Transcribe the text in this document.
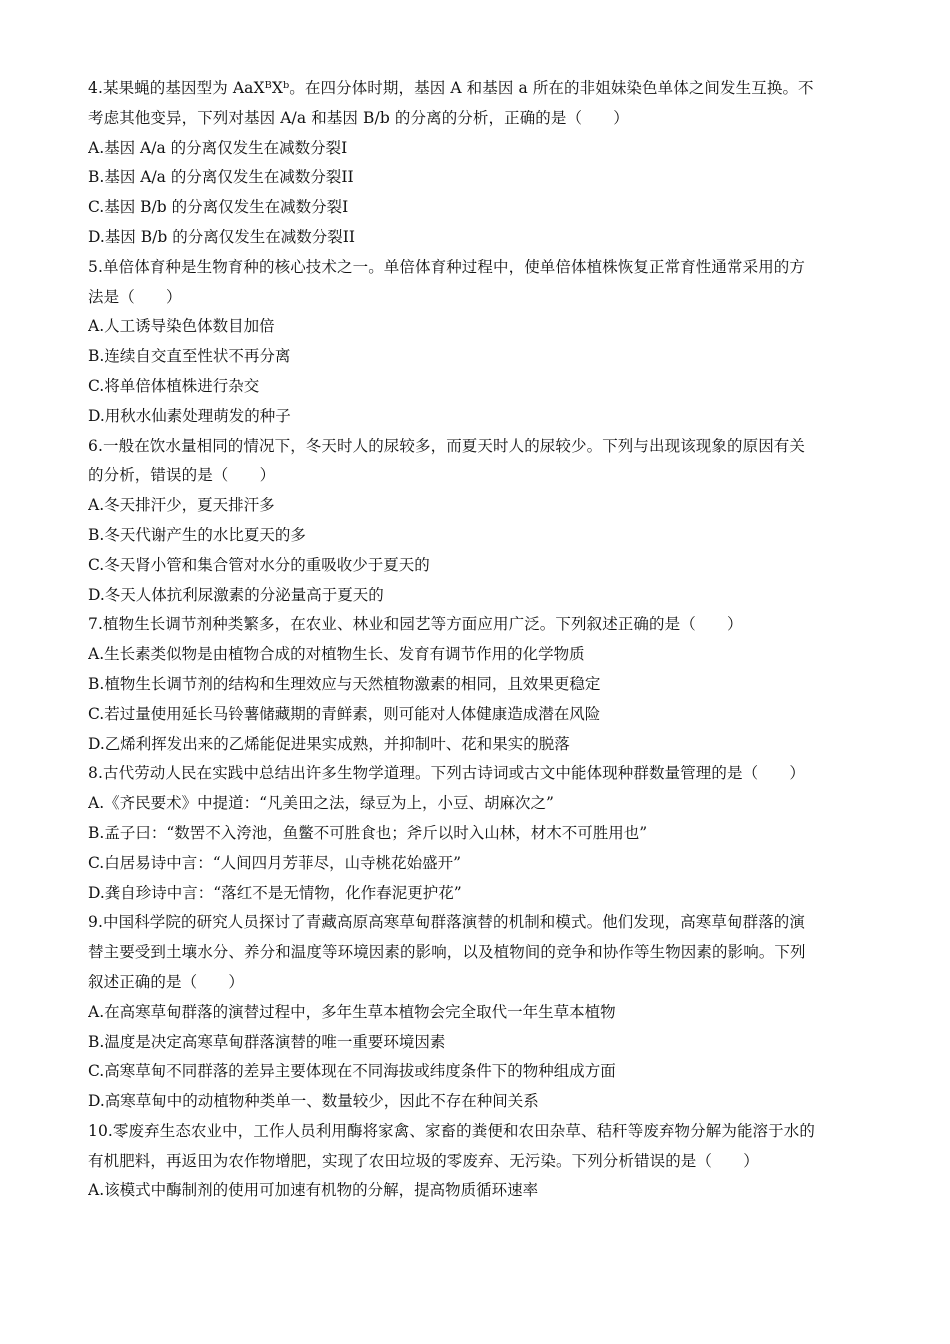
4.某果蝇的基因型为 AaXᴮXᵇ。在四分体时期，基因 A 和基因 a 所在的非姐妹染色单体之间发生互换。不
考虑其他变异，下列对基因 A/a 和基因 B/b 的分离的分析，正确的是（　　）
A.基因 A/a 的分离仅发生在减数分裂I
B.基因 A/a 的分离仅发生在减数分裂II
C.基因 B/b 的分离仅发生在减数分裂I
D.基因 B/b 的分离仅发生在减数分裂II
5.单倍体育种是生物育种的核心技术之一。单倍体育种过程中，使单倍体植株恢复正常育性通常采用的方
法是（　　）
A.人工诱导染色体数目加倍
B.连续自交直至性状不再分离
C.将单倍体植株进行杂交
D.用秋水仙素处理萌发的种子
6.一般在饮水量相同的情况下，冬天时人的尿较多，而夏天时人的尿较少。下列与出现该现象的原因有关
的分析，错误的是（　　）
A.冬天排汗少，夏天排汗多
B.冬天代谢产生的水比夏天的多
C.冬天肾小管和集合管对水分的重吸收少于夏天的
D.冬天人体抗利尿激素的分泌量高于夏天的
7.植物生长调节剂种类繁多，在农业、林业和园艺等方面应用广泛。下列叙述正确的是（　　）
A.生长素类似物是由植物合成的对植物生长、发育有调节作用的化学物质
B.植物生长调节剂的结构和生理效应与天然植物激素的相同，且效果更稳定
C.若过量使用延长马铃薯储藏期的青鲜素，则可能对人体健康造成潜在风险
D.乙烯利挥发出来的乙烯能促进果实成熟，并抑制叶、花和果实的脱落
8.古代劳动人民在实践中总结出许多生物学道理。下列古诗词或古文中能体现种群数量管理的是（　　）
A.《齐民要术》中提道：“凡美田之法，绿豆为上，小豆、胡麻次之”
B.孟子曰：“数罟不入洿池，鱼鳖不可胜食也；斧斤以时入山林，材木不可胜用也”
C.白居易诗中言：“人间四月芳菲尽，山寺桃花始盛开”
D.龚自珍诗中言：“落红不是无情物，化作春泥更护花”
9.中国科学院的研究人员探讨了青藏高原高寒草甸群落演替的机制和模式。他们发现，高寒草甸群落的演
替主要受到土壤水分、养分和温度等环境因素的影响，以及植物间的竞争和协作等生物因素的影响。下列
叙述正确的是（　　）
A.在高寒草甸群落的演替过程中，多年生草本植物会完全取代一年生草本植物
B.温度是决定高寒草甸群落演替的唯一重要环境因素
C.高寒草甸不同群落的差异主要体现在不同海拔或纬度条件下的物种组成方面
D.高寒草甸中的动植物种类单一、数量较少，因此不存在种间关系
10.零废弃生态农业中，工作人员利用酶将家禽、家畜的粪便和农田杂草、秸秆等废弃物分解为能溶于水的
有机肥料，再返田为农作物增肥，实现了农田垃圾的零废弃、无污染。下列分析错误的是（　　）
A.该模式中酶制剂的使用可加速有机物的分解，提高物质循环速率
